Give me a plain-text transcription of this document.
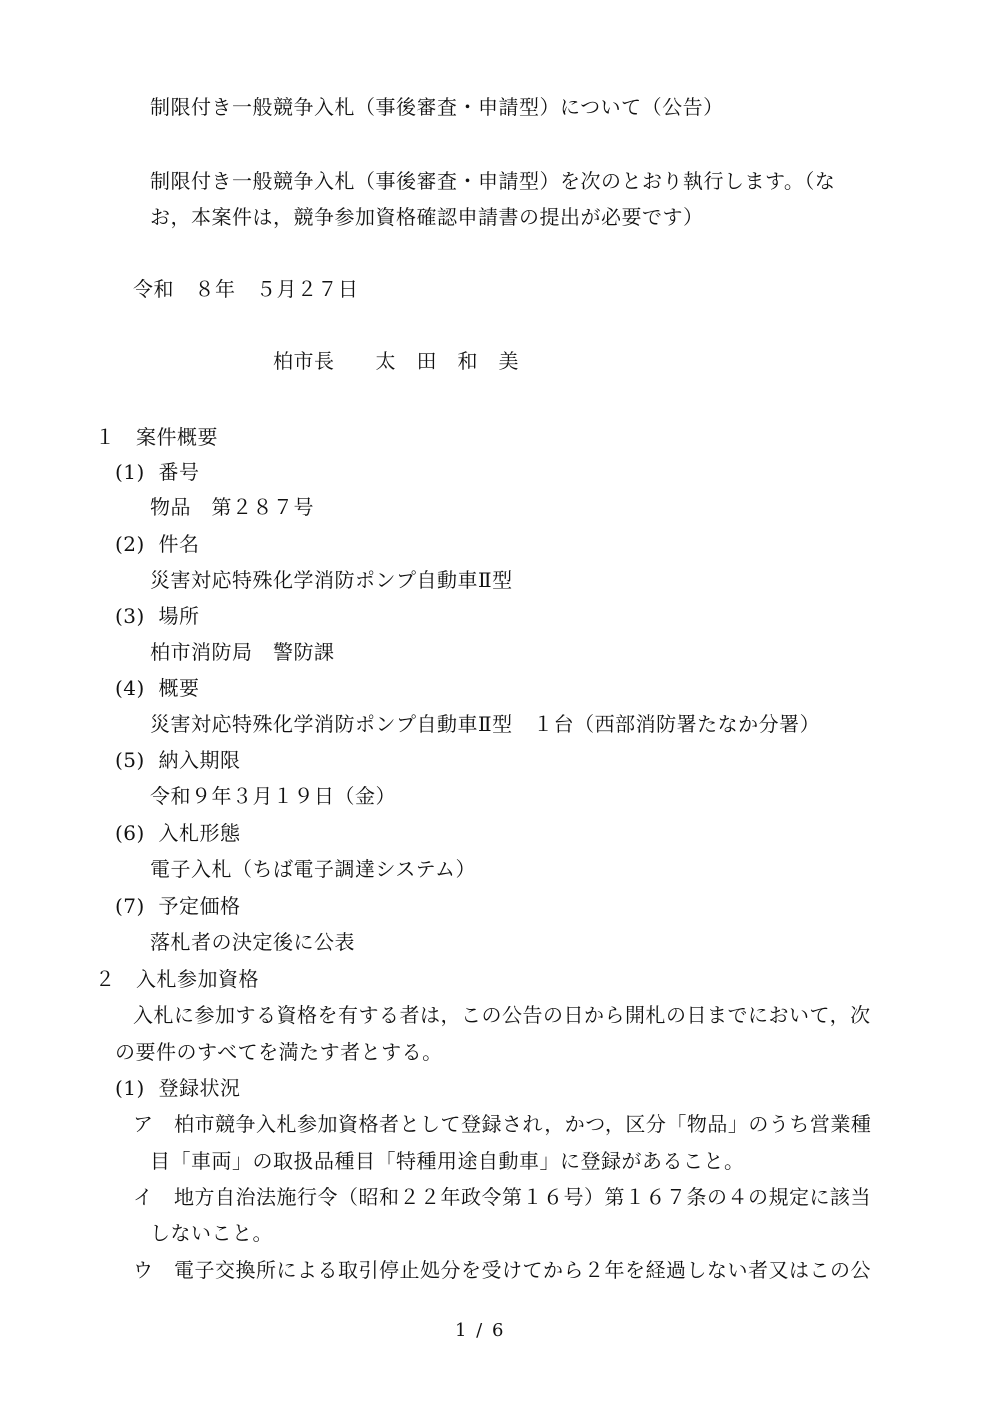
制限付き一般競争入札（事後審査・申請型）について（公告）
制限付き一般競争入札（事後審査・申請型）を次のとおり執行します。（な
お，本案件は，競争参加資格確認申請書の提出が必要です）
令和　８年　５月２７日
柏市長　　太　田　和　美
１　案件概要
(1)  番号
物品　第２８７号
(2)  件名
災害対応特殊化学消防ポンプ自動車Ⅱ型
(3)  場所
柏市消防局　警防課
(4)  概要
災害対応特殊化学消防ポンプ自動車Ⅱ型　１台（西部消防署たなか分署）
(5)  納入期限
令和９年３月１９日（金）
(6)  入札形態
電子入札（ちば電子調達システム）
(7)  予定価格
落札者の決定後に公表
２　入札参加資格
入札に参加する資格を有する者は，この公告の日から開札の日までにおいて，次
の要件のすべてを満たす者とする。
(1)  登録状況
ア　柏市競争入札参加資格者として登録され，かつ，区分「物品」のうち営業種
目「車両」の取扱品種目「特種用途自動車」に登録があること。
イ　地方自治法施行令（昭和２２年政令第１６号）第１６７条の４の規定に該当
しないこと。
ウ　電子交換所による取引停止処分を受けてから２年を経過しない者又はこの公
1 / 6
